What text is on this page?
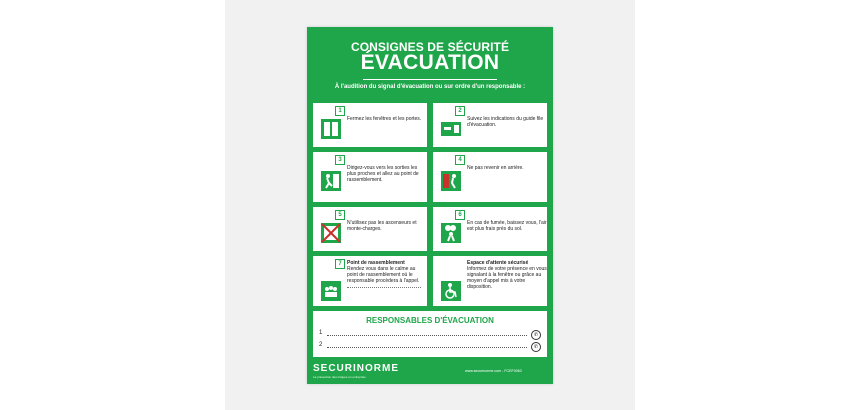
CONSIGNES DE SÉCURITÉ
ÉVACUATION
À l'audition du signal d'évacuation ou sur ordre d'un responsable :
1
Fermez les fenêtres et les portes.
2
Suivez les indications du guide file d'évacuation.
3
Dirigez-vous vers les sorties les plus proches et allez au point de rassemblement.
4
Ne pas revenir en arrière.
5
N'utilisez pas les ascenseurs et monte-charges.
6
En cas de fumée, baissez vous, l'air est plus frais près du sol.
7	Point de rassemblement
Rendez vous dans le calme au point de rassemblement où le responsable procèdera à l'appel.
Espace d'attente sécurisé
Informez de votre présence en vous signalant à la fenêtre ou grâce au moyen d'appel mis à votre disposition.
RESPONSABLES D'ÉVACUATION
1	✆
2	✆
SECURINORME
La prévention des risques en entreprise
www.securinorme.com - FCEF0063
